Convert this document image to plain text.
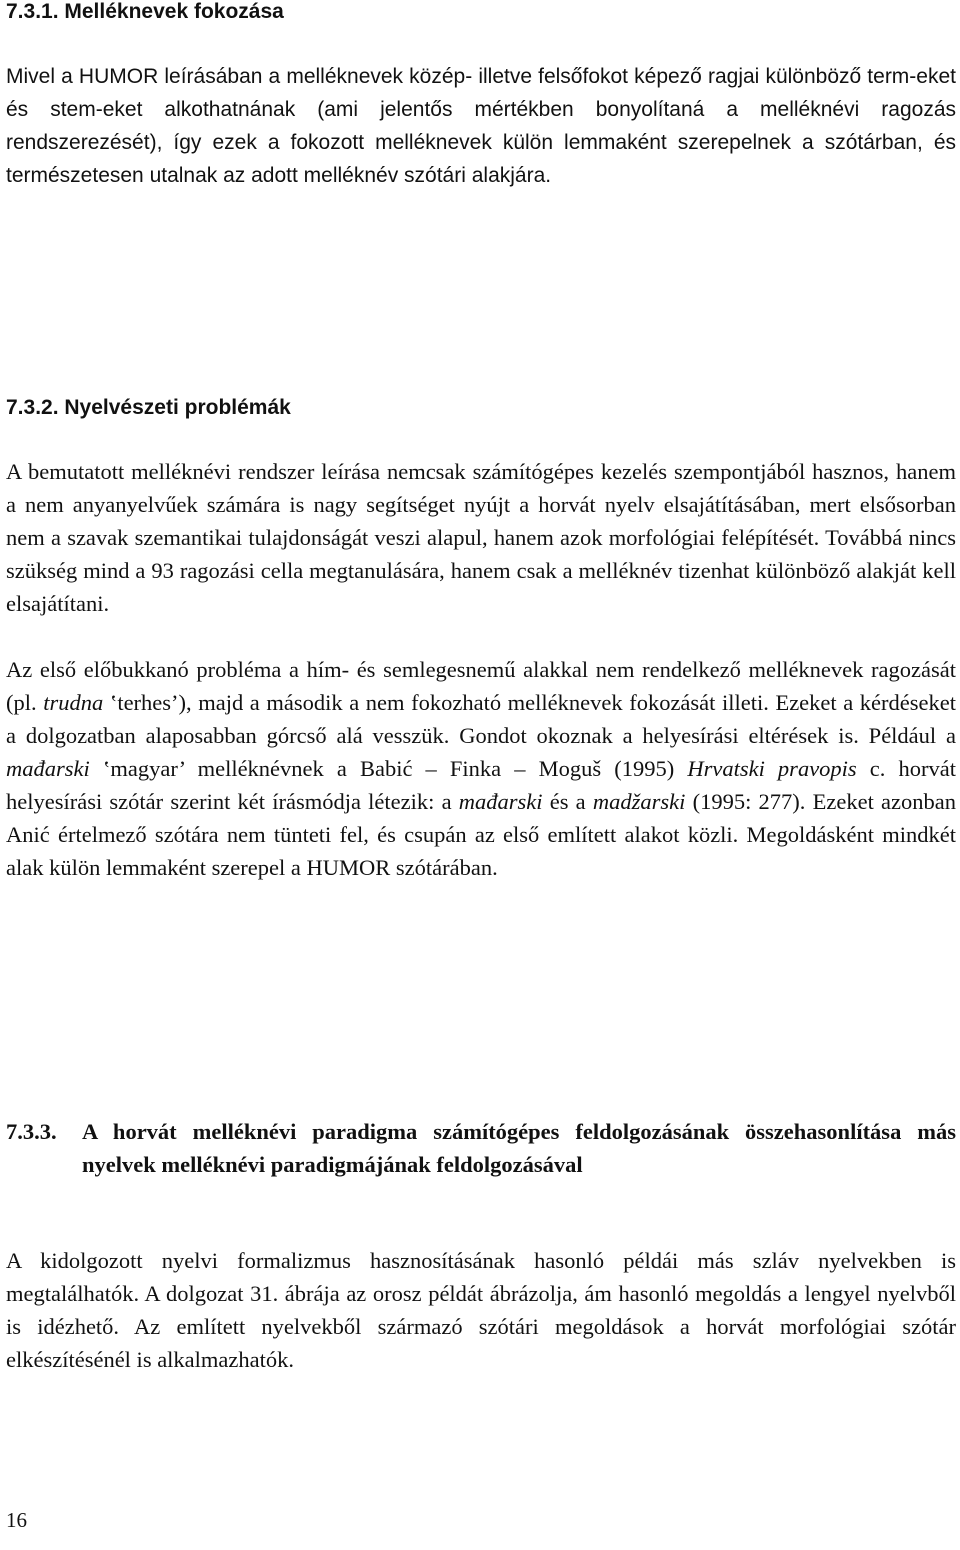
7.3.1. Melléknevek fokozása

Mivel a HUMOR leírásában a melléknevek közép- illetve felsőfokot képező ragjai különböző term-eket és stem-eket alkothatnának (ami jelentős mértékben bonyolítaná a melléknévi ragozás rendszerezését), így ezek a fokozott melléknevek külön lemmaként szerepelnek a szótárban, és természetesen utalnak az adott melléknév szótári alakjára.

7.3.2. Nyelvészeti problémák

A bemutatott melléknévi rendszer leírása nemcsak számítógépes kezelés szempontjából hasznos, hanem a nem anyanyelvűek számára is nagy segítséget nyújt a horvát nyelv elsajátításában, mert elsősorban nem a szavak szemantikai tulajdonságát veszi alapul, hanem azok morfológiai felépítését. Továbbá nincs szükség mind a 93 ragozási cella megtanulására, hanem csak a melléknév tizenhat különböző alakját kell elsajátítani.

Az első előbukkanó probléma a hím- és semlegesnemű alakkal nem rendelkező melléknevek ragozását (pl. trudna ‛terhes’), majd a második a nem fokozható melléknevek fokozását illeti. Ezeket a kérdéseket a dolgozatban alaposabban górcső alá vesszük. Gondot okoznak a helyesírási eltérések is. Például a mađarski ‛magyar’ melléknévnek a Babić – Finka – Moguš (1995) Hrvatski pravopis c. horvát helyesírási szótár szerint két írásmódja létezik: a mađarski és a madžarski (1995: 277). Ezeket azonban Anić értelmező szótára nem tünteti fel, és csupán az első említett alakot közli. Megoldásként mindkét alak külön lemmaként szerepel a HUMOR szótárában.

7.3.3.	A horvát melléknévi paradigma számítógépes feldolgozásának összehasonlítása más nyelvek melléknévi paradigmájának feldolgozásával

A kidolgozott nyelvi formalizmus hasznosításának hasonló példái más szláv nyelvekben is megtalálhatók. A dolgozat 31. ábrája az orosz példát ábrázolja, ám hasonló megoldás a lengyel nyelvből is idézhető. Az említett nyelvekből származó szótári megoldások a horvát morfológiai szótár elkészítésénél is alkalmazhatók.

16
